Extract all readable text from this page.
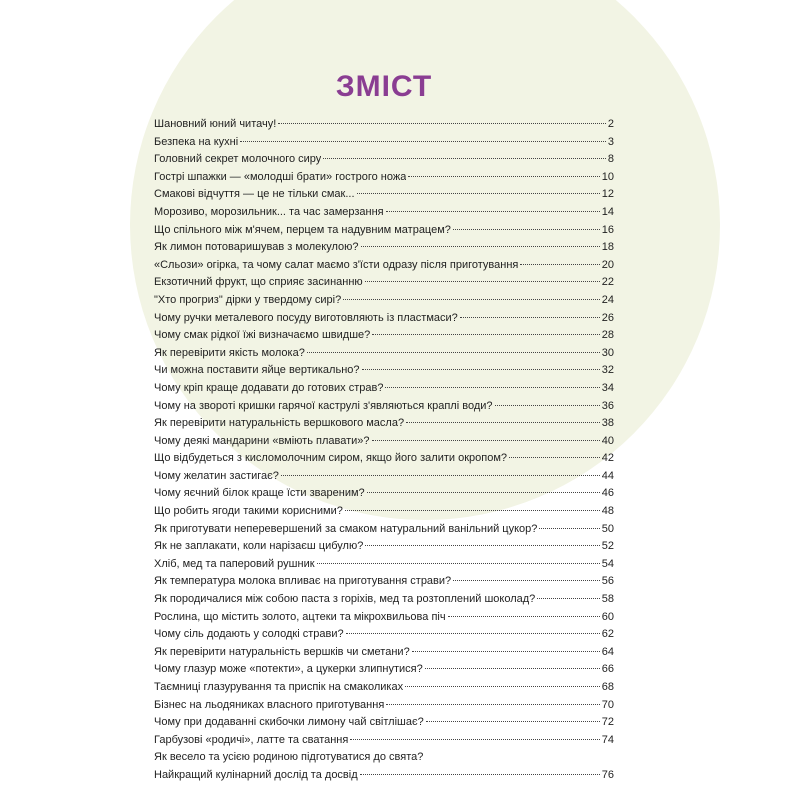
ЗМІСТ
Шановний юний читачу!	2
Безпека на кухні	3
Головний секрет молочного сиру	8
Гострі шпажки — «молодші брати» гострого ножа	10
Смакові відчуття — це не тільки смак...	12
Морозиво, морозильник... та час замерзання	14
Що спільного між м'ячем, перцем та надувним матрацем?	16
Як лимон потоваришував з молекулою?	18
«Сльози» огірка, та чому салат маємо з'їсти одразу після приготування	20
Екзотичний фрукт, що сприяє засинанню	22
"Хто прогриз" дірки у твердому сирі?	24
Чому ручки металевого посуду виготовляють із пластмаси?	26
Чому смак рідкої їжі визначаємо швидше?	28
Як перевірити якість молока?	30
Чи можна поставити яйце вертикально?	32
Чому кріп краще додавати до готових страв?	34
Чому на звороті кришки гарячої каструлі з'являються краплі води?	36
Як перевірити натуральність вершкового масла?	38
Чому деякі мандарини «вміють плавати»?	40
Що відбудеться з кисломолочним сиром, якщо його залити окропом?	42
Чому желатин застигає?	44
Чому яєчний білок краще їсти звареним?	46
Що робить ягоди такими корисними?	48
Як приготувати неперевершений за смаком натуральний ванільний цукор?	50
Як не заплакати, коли нарізаєш цибулю?	52
Хліб, мед та паперовий рушник	54
Як температура молока впливає на приготування страви?	56
Як породичалися між собою паста з горіхів, мед та розтоплений шоколад?	58
Рослина, що містить золото, ацтеки та мікрохвильова піч	60
Чому сіль додають у солодкі страви?	62
Як перевірити натуральність вершків чи сметани?	64
Чому глазур може «потекти», а цукерки злипнутися?	66
Таємниці глазурування та приспік на смаколиках	68
Бізнес на льодяниках власного приготування	70
Чому при додаванні скибочки лимону чай світлішає?	72
Гарбузові «родичі», латте та сватання	74
Як весело та усією родиною підготуватися до свята?
Найкращий кулінарний дослід та досвід	76
